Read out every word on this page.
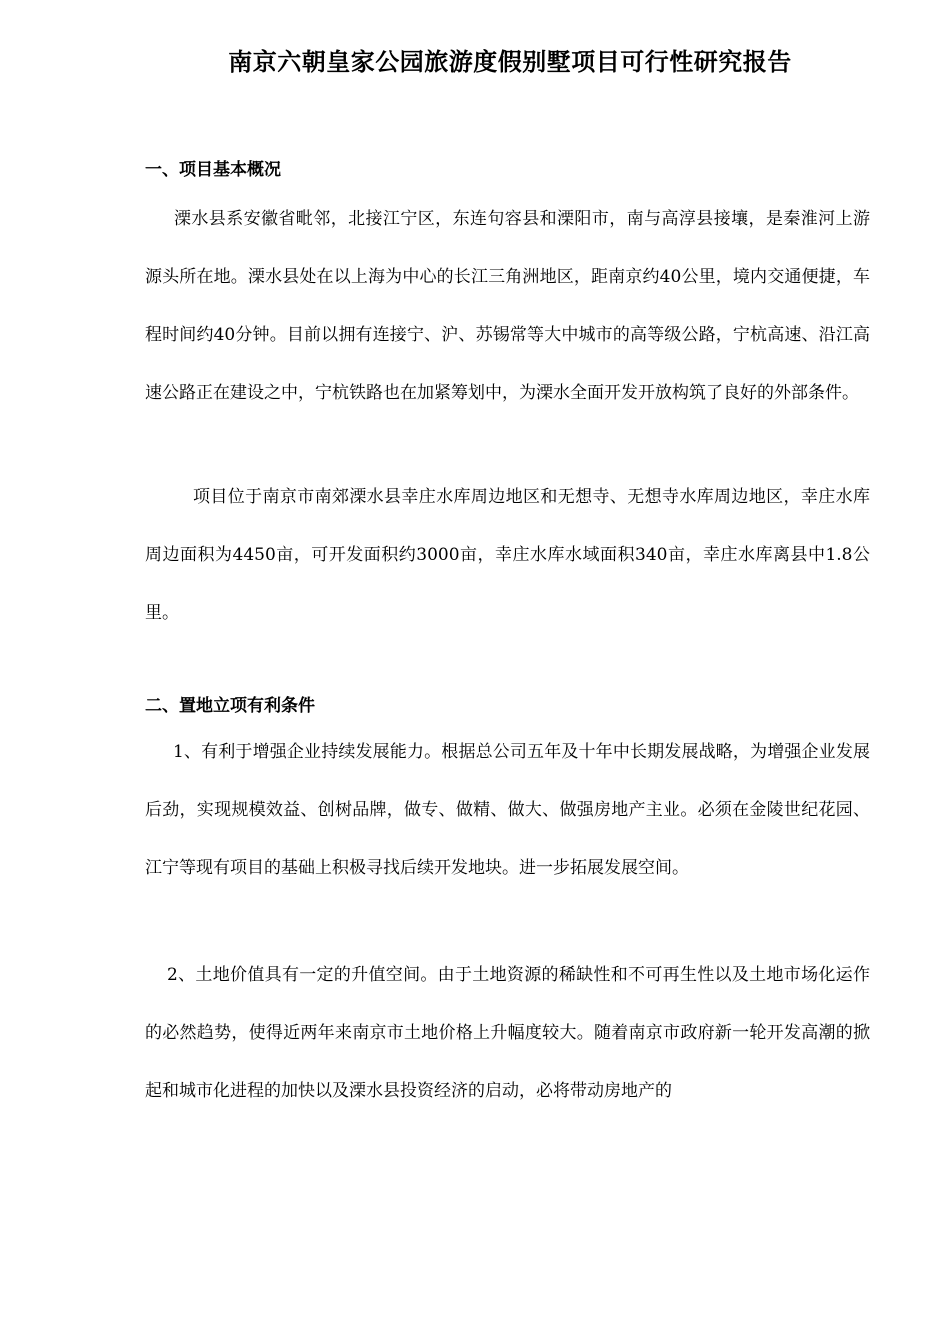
南京六朝皇家公园旅游度假别墅项目可行性研究报告
一、项目基本概况

溧水县系安徽省毗邻，北接江宁区，东连句容县和溧阳市，南与高淳县接壤，是秦淮河上游源头所在地。溧水县处在以上海为中心的长江三角洲地区，距南京约40公里，境内交通便捷，车程时间约40分钟。目前以拥有连接宁、沪、苏锡常等大中城市的高等级公路，宁杭高速、沿江高速公路正在建设之中，宁杭铁路也在加紧筹划中，为溧水全面开发开放构筑了良好的外部条件。

项目位于南京市南郊溧水县幸庄水库周边地区和无想寺、无想寺水库周边地区，幸庄水库周边面积为4450亩，可开发面积约3000亩，幸庄水库水域面积340亩，幸庄水库离县中1.8公里。

二、置地立项有利条件

1、有利于增强企业持续发展能力。根据总公司五年及十年中长期发展战略，为增强企业发展后劲，实现规模效益、创树品牌，做专、做精、做大、做强房地产主业。必须在金陵世纪花园、江宁等现有项目的基础上积极寻找后续开发地块。进一步拓展发展空间。

2、土地价值具有一定的升值空间。由于土地资源的稀缺性和不可再生性以及土地市场化运作的必然趋势，使得近两年来南京市土地价格上升幅度较大。随着南京市政府新一轮开发高潮的掀起和城市化进程的加快以及溧水县投资经济的启动，必将带动房地产的
